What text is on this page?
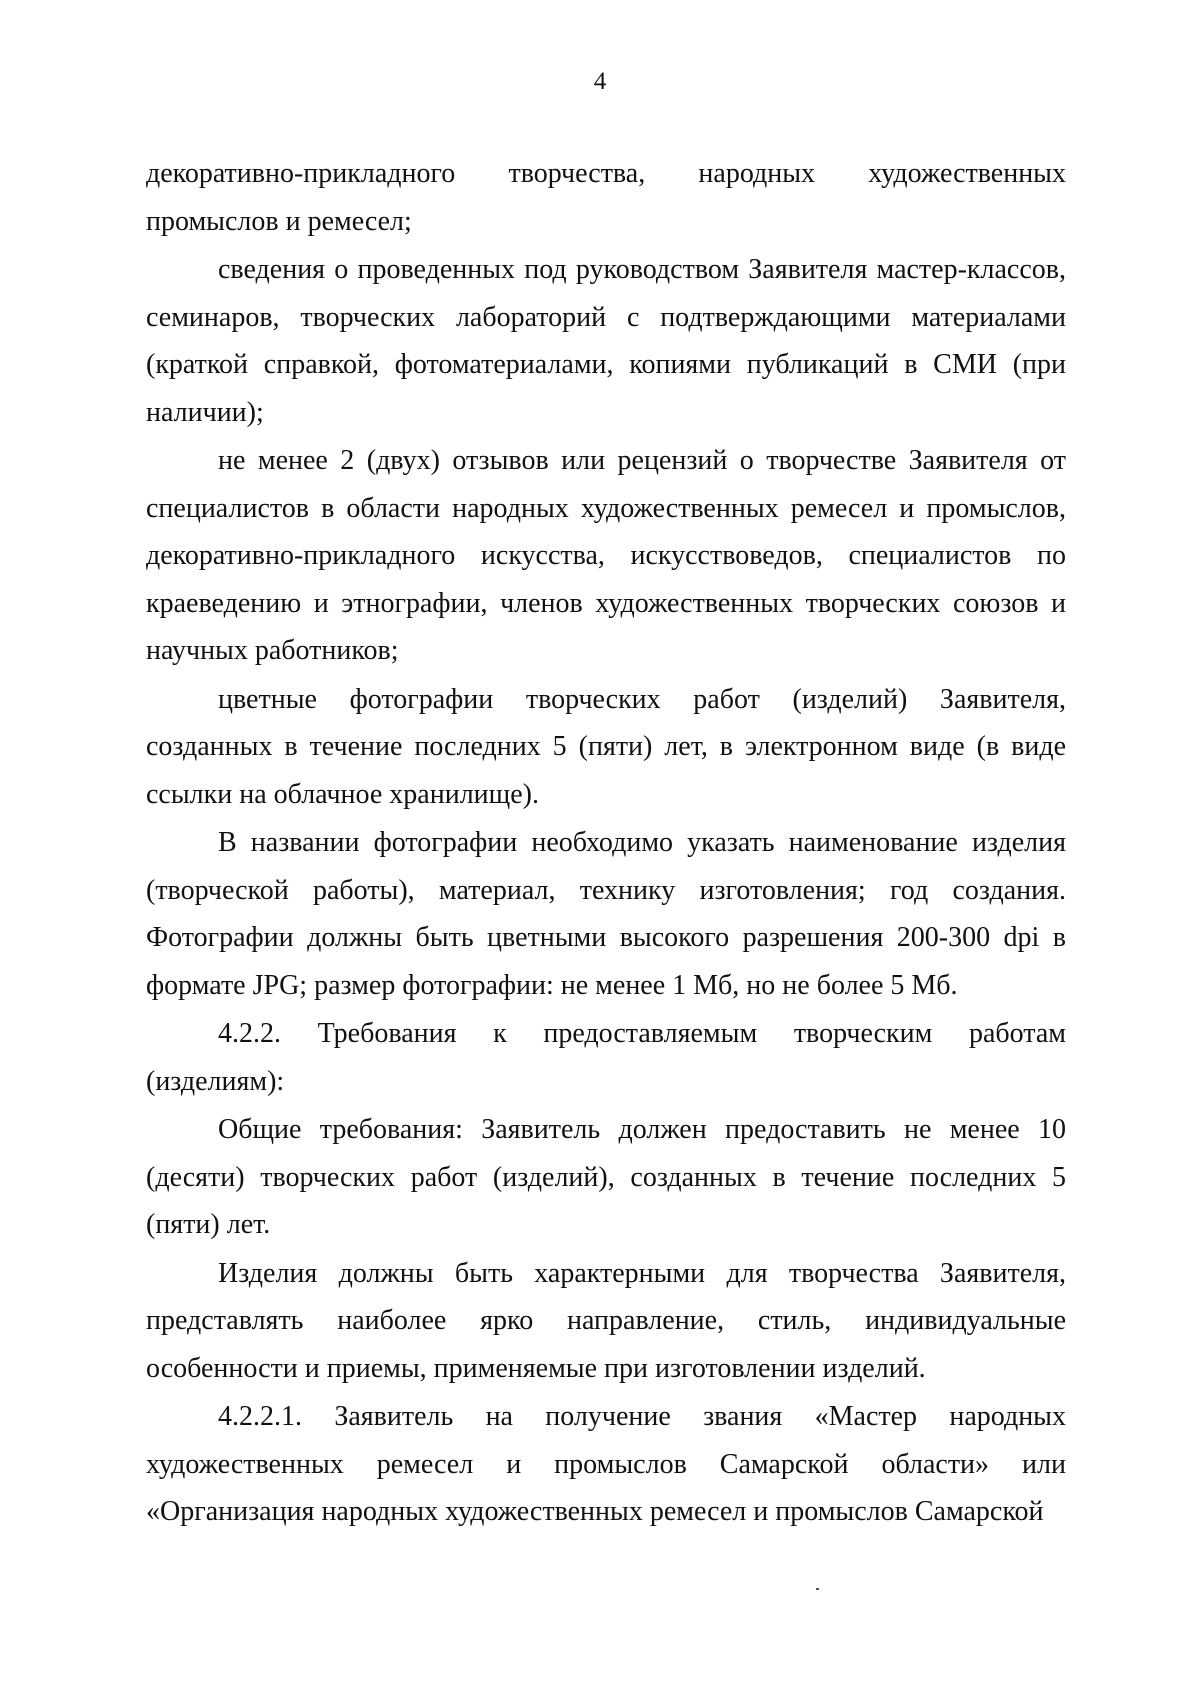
4

декоративно-прикладного творчества, народных художественных промыслов и ремесел;

сведения о проведенных под руководством Заявителя мастер-классов, семинаров, творческих лабораторий с подтверждающими материалами (краткой справкой, фотоматериалами, копиями публикаций в СМИ (при наличии);

не менее 2 (двух) отзывов или рецензий о творчестве Заявителя от специалистов в области народных художественных ремесел и промыслов, декоративно-прикладного искусства, искусствоведов, специалистов по краеведению и этнографии, членов художественных творческих союзов и научных работников;

цветные фотографии творческих работ (изделий) Заявителя, созданных в течение последних 5 (пяти) лет, в электронном виде (в виде ссылки на облачное хранилище).

В названии фотографии необходимо указать наименование изделия (творческой работы), материал, технику изготовления; год создания. Фотографии должны быть цветными высокого разрешения 200-300 dpi в формате JPG; размер фотографии: не менее 1 Мб, но не более 5 Мб.

4.2.2. Требования к предоставляемым творческим работам (изделиям):

Общие требования: Заявитель должен предоставить не менее 10 (десяти) творческих работ (изделий), созданных в течение последних 5 (пяти) лет.

Изделия должны быть характерными для творчества Заявителя, представлять наиболее ярко направление, стиль, индивидуальные особенности и приемы, применяемые при изготовлении изделий.

4.2.2.1. Заявитель на получение звания «Мастер народных художественных ремесел и промыслов Самарской области» или «Организация народных художественных ремесел и промыслов Самарской
